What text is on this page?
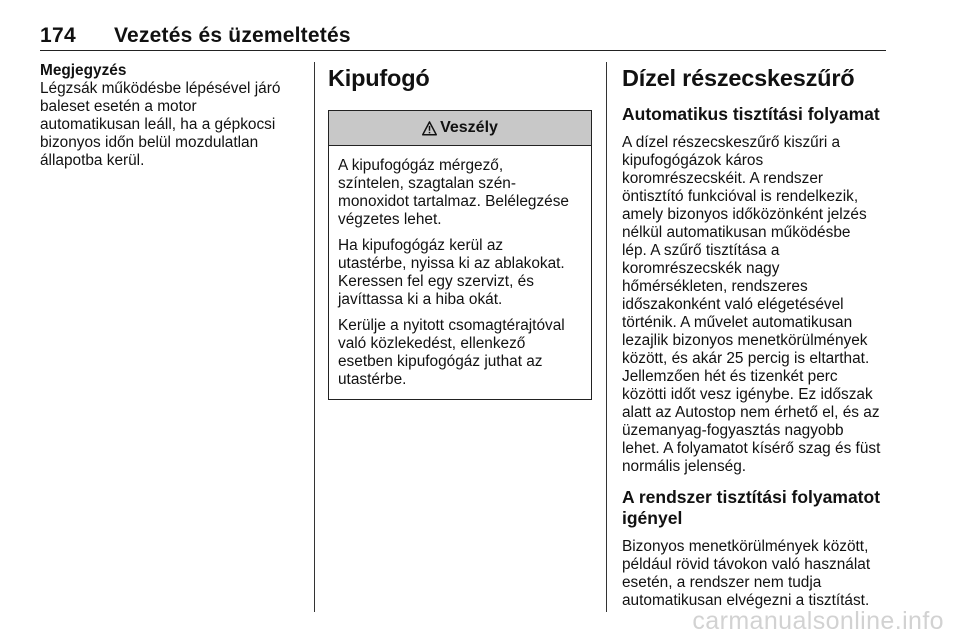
174 Vezetés és üzemeltetés
Megjegyzés

Légzsák működésbe lépésével járó
baleset esetén a motor
automatikusan leáll, ha a gépkocsi
bizonyos időn belül mozdulatlan
állapotba kerül.

Kipufogó
Veszély

A kipufogógáz mérgező,
színtelen, szagtalan szén-
monoxidot tartalmaz. Belélegzése
végzetes lehet.

Ha kipufogógáz kerül az
utastérbe, nyissa ki az ablakokat.
Keressen fel egy szervizt, és
javíttassa ki a hiba okát.

Kerülje a nyitott csomagtérajtóval
való közlekedést, ellenkező
esetben kipufogógáz juthat az
utastérbe.

Dízel részecskeszűrő
Automatikus tisztítási folyamat

A dízel részecskeszűrő kiszűri a
kipufogógázok káros
koromrészecskéit. A rendszer
öntisztító funkcióval is rendelkezik,
amely bizonyos időközönként jelzés
nélkül automatikusan működésbe
lép. A szűrő tisztítása a
koromrészecskék nagy
hőmérsékleten, rendszeres
időszakonként való elégetésével
történik. A művelet automatikusan
lezajlik bizonyos menetkörülmények
között, és akár 25 percig is eltarthat.
Jellemzően hét és tizenkét perc
közötti időt vesz igénybe. Ez időszak
alatt az Autostop nem érhető el, és az
üzemanyag-fogyasztás nagyobb
lehet. A folyamatot kísérő szag és füst
normális jelenség.

A rendszer tisztítási folyamatot
igényel

Bizonyos menetkörülmények között,
például rövid távokon való használat
esetén, a rendszer nem tudja
automatikusan elvégezni a tisztítást.

carmanualsonline.info
